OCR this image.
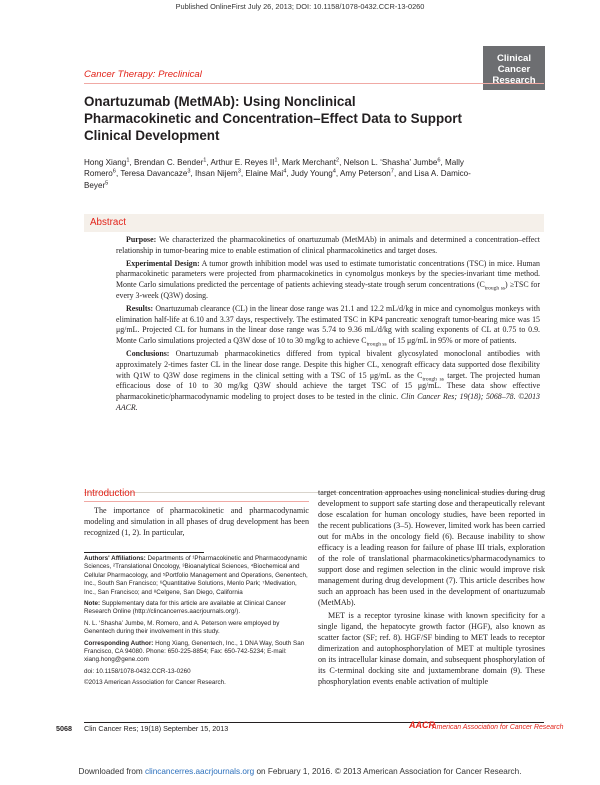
Published OnlineFirst July 26, 2013; DOI: 10.1158/1078-0432.CCR-13-0260
Clinical
Cancer
Research
Cancer Therapy: Preclinical
Onartuzumab (MetMAb): Using Nonclinical Pharmacokinetic and Concentration–Effect Data to Support Clinical Development
Hong Xiang$^1$, Brendan C. Bender$^1$, Arthur E. Reyes $II^1$, Mark Merchant$^2$, Nelson L. ‘Shasha’ Jumbe$^6$, Mally Romero$^6$, Teresa Davancaze$^3$, Ihsan Nijem$^3$, Elaine Mai$^4$, Judy Young$^4$, Amy Peterson$^7$, and Lisa A. Damico-Beyer$^5$
Abstract

Purpose: We characterized the pharmacokinetics of onartuzumab (MetMAb) in animals and determined a concentration–effect relationship in tumor-bearing mice to enable estimation of clinical pharmacokinetics and target doses.

Experimental Design: A tumor growth inhibition model was used to estimate tumoristatic concentrations (TSC) in mice. Human pharmacokinetic parameters were projected from pharmacokinetics in cynomolgus monkeys by the species-invariant time method. Monte Carlo simulations predicted the percentage of patients achieving steady-state trough serum concentrations $(C_{trough ss}) \ge TSC$ for every 3-week (Q3W) dosing.

Results: Onartuzumab clearance (CL) in the linear dose range was 21.1 and 12.2 mL/d/kg in mice and cynomolgus monkeys with elimination half-life at 6.10 and 3.37 days, respectively. The estimated TSC in KP4 pancreatic xenograft tumor-bearing mice was 15 μg/mL. Projected CL for humans in the linear dose range was 5.74 to 9.36 mL/d/kg with scaling exponents of CL at 0.75 to 0.9. Monte Carlo simulations projected a Q3W dose of 10 to 30 mg/kg to achieve $C_{trough ss}$ of 15 μg/mL in 95% or more of patients.

Conclusions: Onartuzumab pharmacokinetics differed from typical bivalent glycosylated monoclonal antibodies with approximately 2-times faster CL in the linear dose range. Despite this higher CL, xenograft efficacy data supported dose flexibility with Q1W to Q3W dose regimens in the clinical setting with a TSC of 15 μg/mL as the $C_{trough ss}$ target. The projected human efficacious dose of 10 to 30 mg/kg Q3W should achieve the target TSC of 15 μg/mL. These data show effective pharmacokinetic/pharmacodynamic modeling to project doses to be tested in the clinic. Clin Cancer Res; 19(18); 5068–78. ©2013 AACR.

Introduction

The importance of pharmacokinetic and pharmacodynamic modeling and simulation in all phases of drug development has been recognized (1, 2). In particular,

Authors' Affiliations: Departments of ¹Pharmacokinetic and Pharmacodynamic Sciences, ²Translational Oncology, ³Bioanalytical Sciences, ⁴Biochemical and Cellular Pharmacology, and ⁵Portfolio Management and Operations, Genentech, Inc., South San Francisco; ⁶Quantitative Solutions, Menlo Park; ⁷Medivation, Inc., San Francisco; and ⁸Celgene, San Diego, California

Note: Supplementary data for this article are available at Clinical Cancer Research Online (http://clincancerres.aacrjournals.org/).

N. L. ‘Shasha’ Jumbe, M. Romero, and A. Peterson were employed by Genentech during their involvement in this study.

Corresponding Author: Hong Xiang, Genentech, Inc., 1 DNA Way, South San Francisco, CA 94080. Phone: 650-225-8854; Fax: 650-742-5234; E-mail: xiang.hong@gene.com

doi: 10.1158/1078-0432.CCR-13-0260

©2013 American Association for Cancer Research.

target concentration approaches using nonclinical studies during drug development to support safe starting dose and therapeutically relevant dose escalation for human oncology studies, have been reported in the recent publications (3–5). However, limited work has been carried out for mAbs in the oncology field (6). Because inability to show efficacy is a leading reason for failure of phase III trials, exploration of the role of translational pharmacokinetics/pharmacodynamics to support dose and regimen selection in the clinic would improve risk management during drug development (7). This article describes how such an approach has been used in the development of onartuzumab (MetMAb).

MET is a receptor tyrosine kinase with known specificity for a single ligand, the hepatocyte growth factor (HGF), also known as scatter factor (SF; ref. 8). HGF/SF binding to MET leads to receptor dimerization and autophosphorylation of MET at multiple tyrosines on its intracellular kinase domain, and subsequent phosphorylation of its C-terminal docking site and juxtamembrane domain (9). These phosphorylation events enable activation of multiple

5068 Clin Cancer Res; 19(18) September 15, 2013	AACR
American Association for Cancer Research
Downloaded from clincancerres.aacrjournals.org on February 1, 2016. © 2013 American Association for Cancer Research.
